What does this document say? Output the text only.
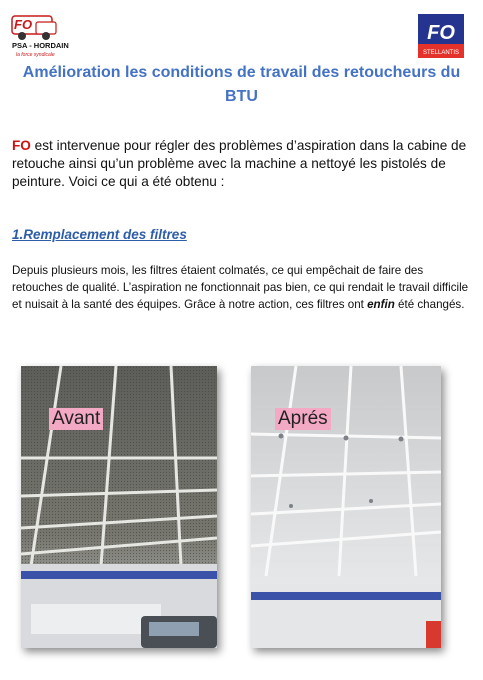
FO
PSA - HORDAIN
la force syndicale
FO
STELLANTIS
Amélioration les conditions de travail des retoucheurs du BTU

FO est intervenue pour régler des problèmes d’aspiration dans la cabine de retouche ainsi qu’un problème avec la machine a nettoyé les pistolés de peinture. Voici ce qui a été obtenu :

1.Remplacement des filtres

Depuis plusieurs mois, les filtres étaient colmatés, ce qui empêchait de faire des retouches de qualité. L’aspiration ne fonctionnait pas bien, ce qui rendait le travail difficile et nuisait à la santé des équipes. Grâce à notre action, ces filtres ont enfin été changés.

Avant	Aprés
